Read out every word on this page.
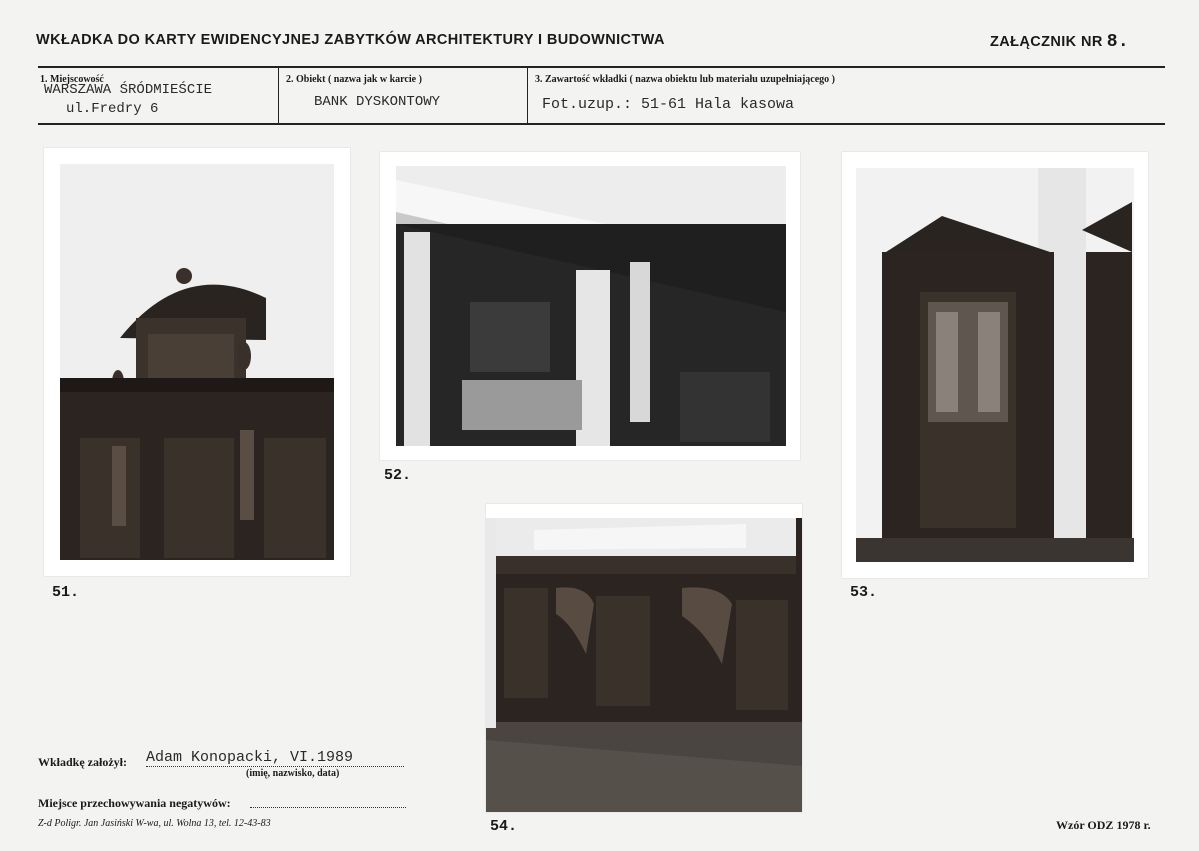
WKŁADKA DO KARTY EWIDENCYJNEJ ZABYTKÓW ARCHITEKTURY I BUDOWNICTWA	ZAŁĄCZNIK NR 8.
1. Miejscowość
WARSZAWA ŚRÓDMIEŚCIE
ul.Fredry 6
2. Obiekt ( nazwa jak w karcie )
BANK DYSKONTOWY
3. Zawartość wkładki ( nazwa obiektu lub materiału uzupełniającego )
Fot.uzup.: 51-61 Hala kasowa
51.
52.
53.
54.
Wkładkę założył: Adam Konopacki, VI.1989
(imię, nazwisko, data)
Miejsce przechowywania negatywów:
Z-d Poligr. Jan Jasiński W-wa, ul. Wolna 13, tel. 12-43-83	Wzór ODZ 1978 r.
